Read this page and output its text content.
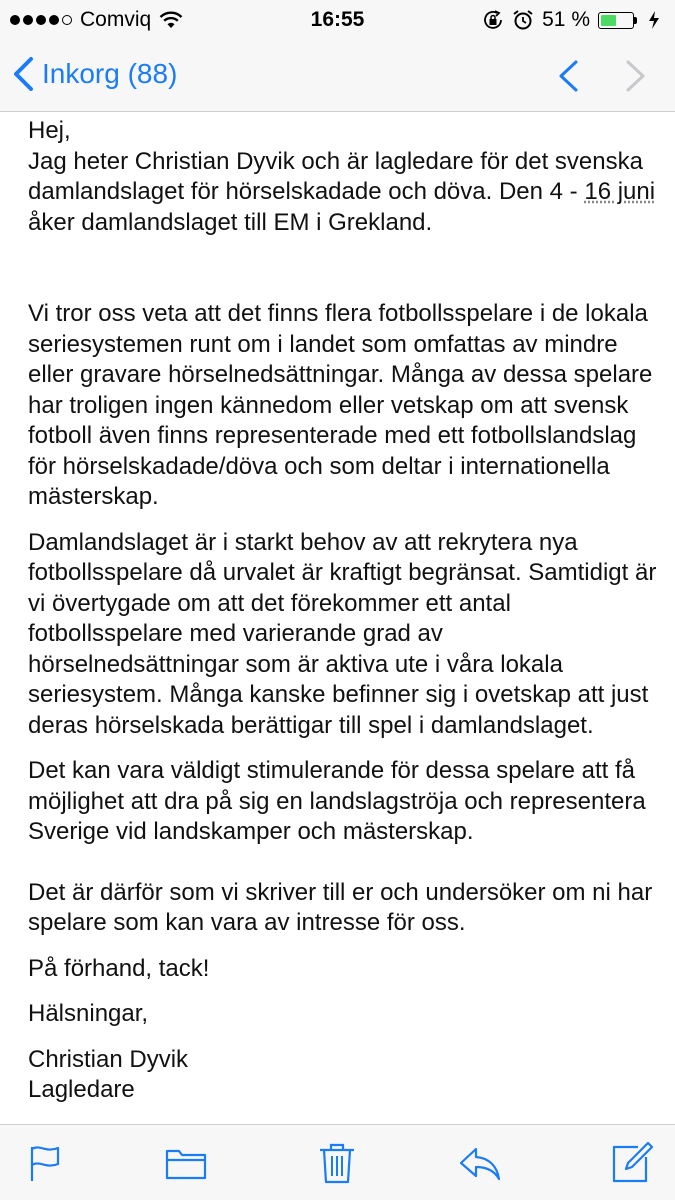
Comviq	16:55	51 %
Inkorg (88)

Hej,

Jag heter Christian Dyvik och är lagledare för det svenska damlandslaget för hörselskadade och döva. Den 4 - 16 juni åker damlandslaget till EM i Grekland.

Vi tror oss veta att det finns flera fotbollsspelare i de lokala seriesystemen runt om i landet som omfattas av mindre eller gravare hörselnedsättningar. Många av dessa spelare har troligen ingen kännedom eller vetskap om att svensk fotboll även finns representerade med ett fotbollslandslag för hörselskadade/döva och som deltar i internationella mästerskap.

Damlandslaget är i starkt behov av att rekrytera nya fotbollsspelare då urvalet är kraftigt begränsat. Samtidigt är vi övertygade om att det förekommer ett antal fotbollsspelare med varierande grad av hörselnedsättningar som är aktiva ute i våra lokala seriesystem. Många kanske befinner sig i ovetskap att just deras hörselskada berättigar till spel i damlandslaget.

Det kan vara väldigt stimulerande för dessa spelare att få möjlighet att dra på sig en landslagströja och representera Sverige vid landskamper och mästerskap.

Det är därför som vi skriver till er och undersöker om ni har spelare som kan vara av intresse för oss.

På förhand, tack!

Hälsningar,

Christian Dyvik
Lagledare
